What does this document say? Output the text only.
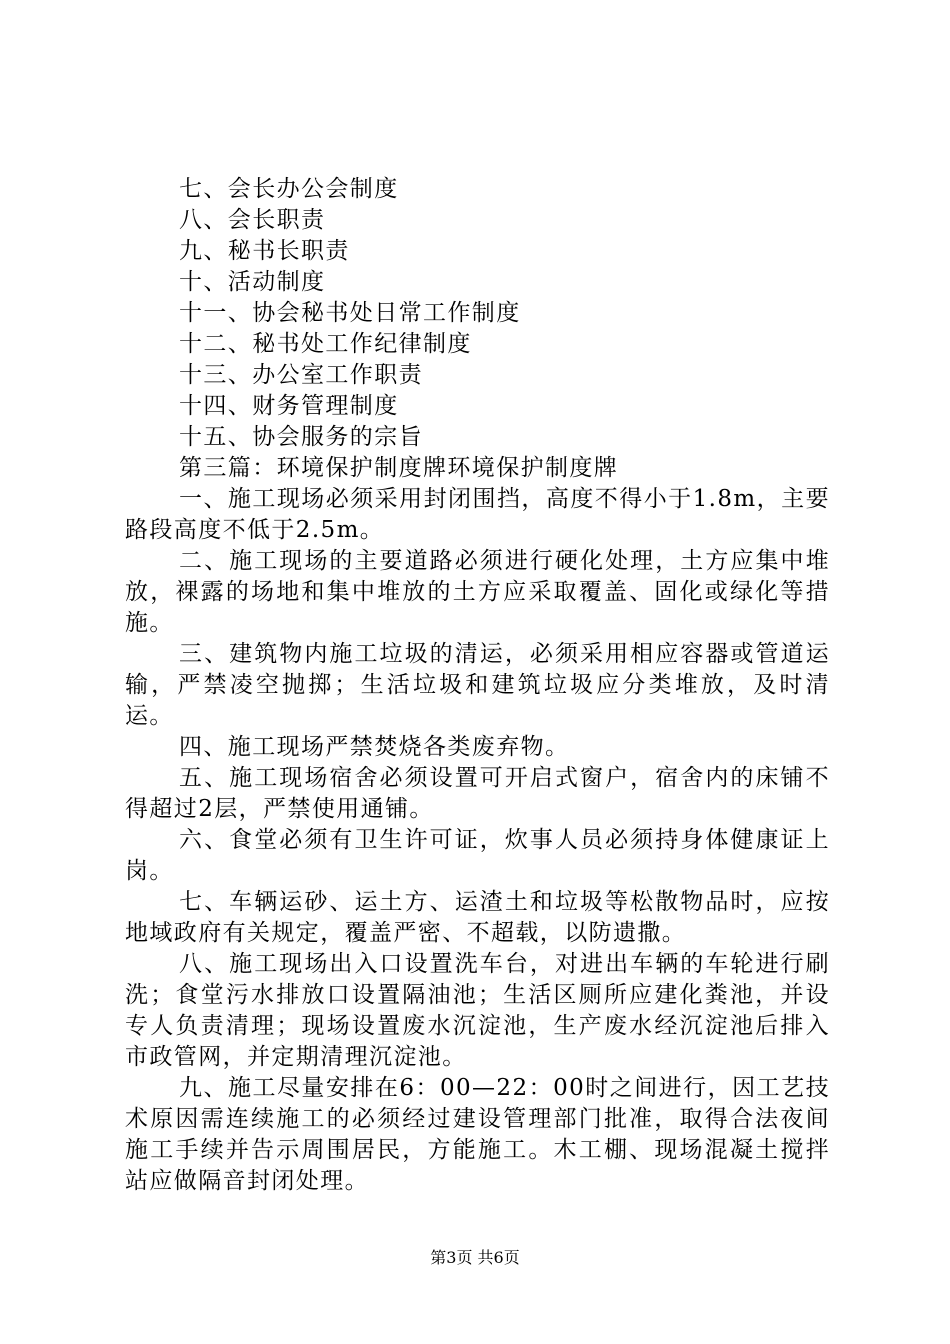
七、会长办公会制度
八、会长职责
九、秘书长职责
十、活动制度
十一、协会秘书处日常工作制度
十二、秘书处工作纪律制度
十三、办公室工作职责
十四、财务管理制度
十五、协会服务的宗旨
第三篇：环境保护制度牌环境保护制度牌

一、施工现场必须采用封闭围挡，高度不得小于1.8m，主要路段高度不低于2.5m。

二、施工现场的主要道路必须进行硬化处理，土方应集中堆放，裸露的场地和集中堆放的土方应采取覆盖、固化或绿化等措施。

三、建筑物内施工垃圾的清运，必须采用相应容器或管道运输，严禁凌空抛掷；生活垃圾和建筑垃圾应分类堆放，及时清运。

四、施工现场严禁焚烧各类废弃物。

五、施工现场宿舍必须设置可开启式窗户，宿舍内的床铺不得超过2层，严禁使用通铺。

六、食堂必须有卫生许可证，炊事人员必须持身体健康证上岗。

七、车辆运砂、运土方、运渣土和垃圾等松散物品时，应按地域政府有关规定，覆盖严密、不超载，以防遗撒。

八、施工现场出入口设置洗车台，对进出车辆的车轮进行刷洗；食堂污水排放口设置隔油池；生活区厕所应建化粪池，并设专人负责清理；现场设置废水沉淀池，生产废水经沉淀池后排入市政管网，并定期清理沉淀池。

九、施工尽量安排在6：00—22：00时之间进行，因工艺技术原因需连续施工的必须经过建设管理部门批准，取得合法夜间施工手续并告示周围居民，方能施工。木工棚、现场混凝土搅拌站应做隔音封闭处理。

第3页 共6页
